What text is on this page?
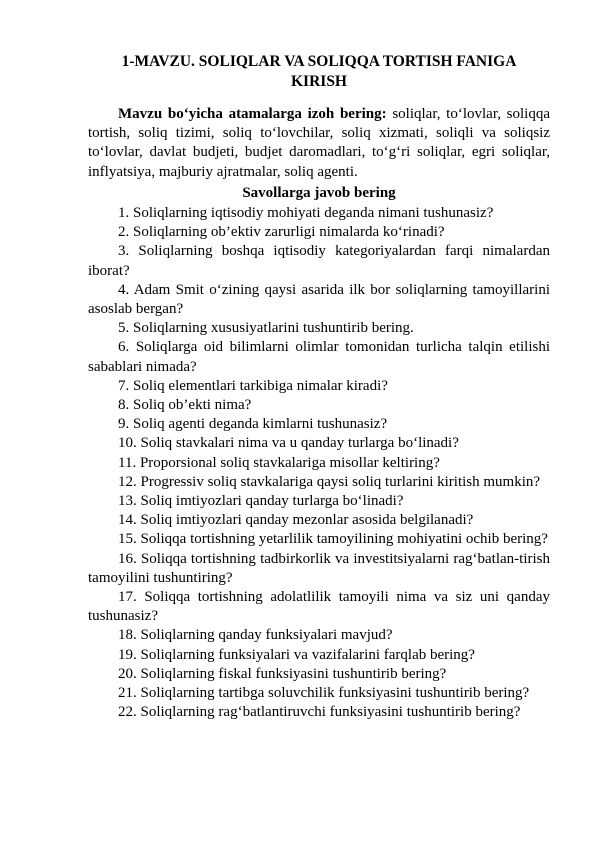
1-MAVZU. SOLIQLAR VA SOLIQQA TORTISH FANIGA
KIRISH

Mavzu bo‘yicha atamalarga izoh bering: soliqlar, to‘lovlar, soliqqa tortish, soliq tizimi, soliq to‘lovchilar, soliq xizmati, soliqli va soliqsiz to‘lovlar, davlat budjeti, budjet daromadlari, to‘g‘ri soliqlar, egri soliqlar, inflyatsiya, majburiy ajratmalar, soliq agenti.

Savollarga javob bering

1. Soliqlarning iqtisodiy mohiyati deganda nimani tushunasiz?

2. Soliqlarning ob’ektiv zarurligi nimalarda ko‘rinadi?

3. Soliqlarning boshqa iqtisodiy kategoriyalardan farqi nimalardan iborat?

4. Adam Smit o‘zining qaysi asarida ilk bor soliqlarning tamoyillarini asoslab bergan?

5. Soliqlarning xususiyatlarini tushuntirib bering.

6. Soliqlarga oid bilimlarni olimlar tomonidan turlicha talqin etilishi sabablari nimada?

7. Soliq elementlari tarkibiga nimalar kiradi?

8. Soliq ob’ekti nima?

9. Soliq agenti deganda kimlarni tushunasiz?

10. Soliq stavkalari nima va u qanday turlarga bo‘linadi?

11. Proporsional soliq stavkalariga misollar keltiring?

12. Progressiv soliq stavkalariga qaysi soliq turlarini kiritish mumkin?

13. Soliq imtiyozlari qanday turlarga bo‘linadi?

14. Soliq imtiyozlari qanday mezonlar asosida belgilanadi?

15. Soliqqa tortishning yetarlilik tamoyilining mohiyatini ochib bering?

16. Soliqqa tortishning tadbirkorlik va investitsiyalarni rag‘batlan-tirish tamoyilini tushuntiring?

17. Soliqqa tortishning adolatlilik tamoyili nima va siz uni qanday tushunasiz?

18. Soliqlarning qanday funksiyalari mavjud?

19. Soliqlarning funksiyalari va vazifalarini farqlab bering?

20. Soliqlarning fiskal funksiyasini tushuntirib bering?

21. Soliqlarning tartibga soluvchilik funksiyasini tushuntirib bering?

22. Soliqlarning rag‘batlantiruvchi funksiyasini tushuntirib bering?
